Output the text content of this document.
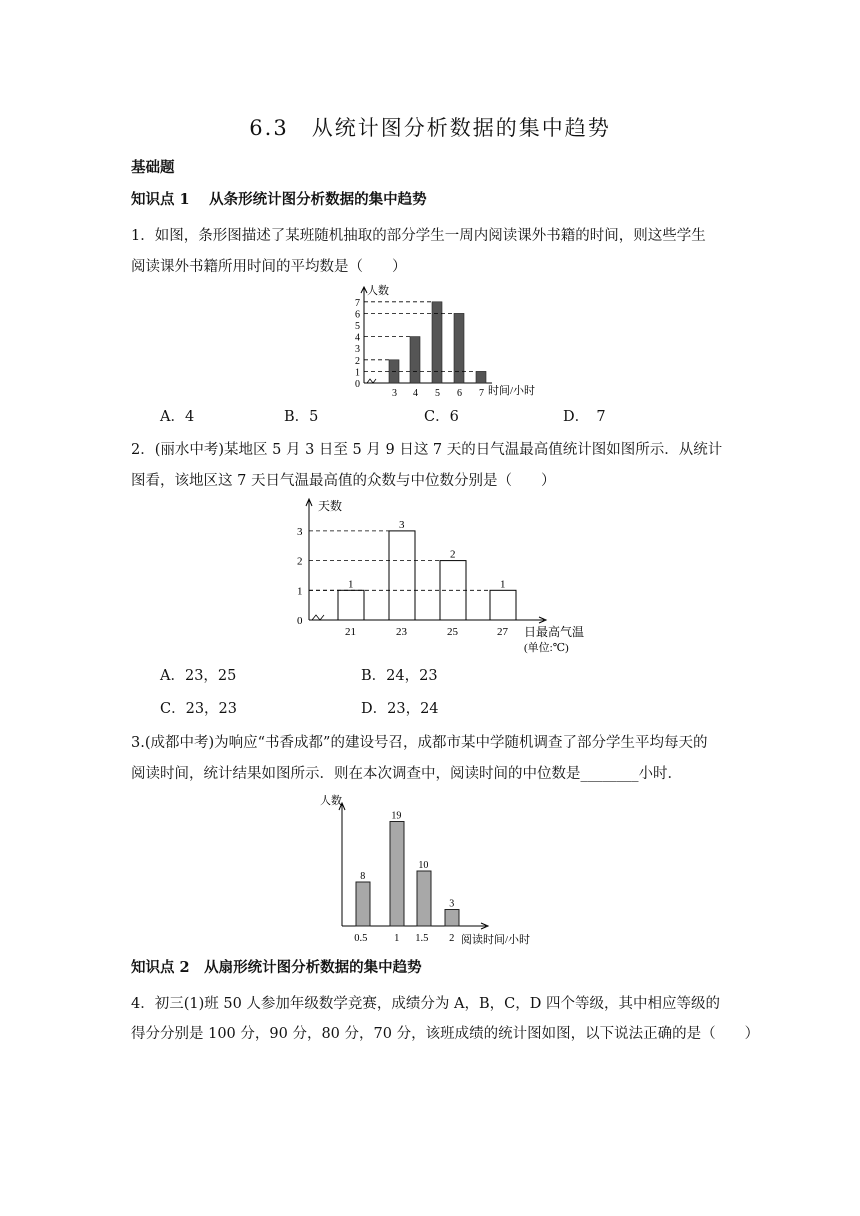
6.3　从统计图分析数据的集中趋势
基础题
知识点 1　 从条形统计图分析数据的集中趋势
1．如图，条形图描述了某班随机抽取的部分学生一周内阅读课外书籍的时间，则这些学生
阅读课外书籍所用时间的平均数是（　　）
人数
时间/小时
0
1
2
3
4
5
6
7
3 4 5 6 7
A．4	B．5	C．6	D．　7
2．(丽水中考)某地区 5 月 3 日至 5 月 9 日这 7 天的日气温最高值统计图如图所示．从统计
图看，该地区这 7 天日气温最高值的众数与中位数分别是（　　）
天数
日最高气温
(单位:℃)
0
1
2
3
1
21
3
23
2
25
1
27
A．23，25	B．24，23
C．23，23	D．23，24
3.(成都中考)为响应“书香成都”的建设号召，成都市某中学随机调查了部分学生平均每天的
阅读时间，统计结果如图所示．则在本次调查中，阅读时间的中位数是________小时．
人数
阅读时间/小时
8
0.5
19
1
10
1.5
3
2
知识点 2　从扇形统计图分析数据的集中趋势
4．初三(1)班 50 人参加年级数学竞赛，成绩分为 A，B，C，D 四个等级，其中相应等级的
得分分别是 100 分，90 分，80 分，70 分，该班成绩的统计图如图，以下说法正确的是（　　）
